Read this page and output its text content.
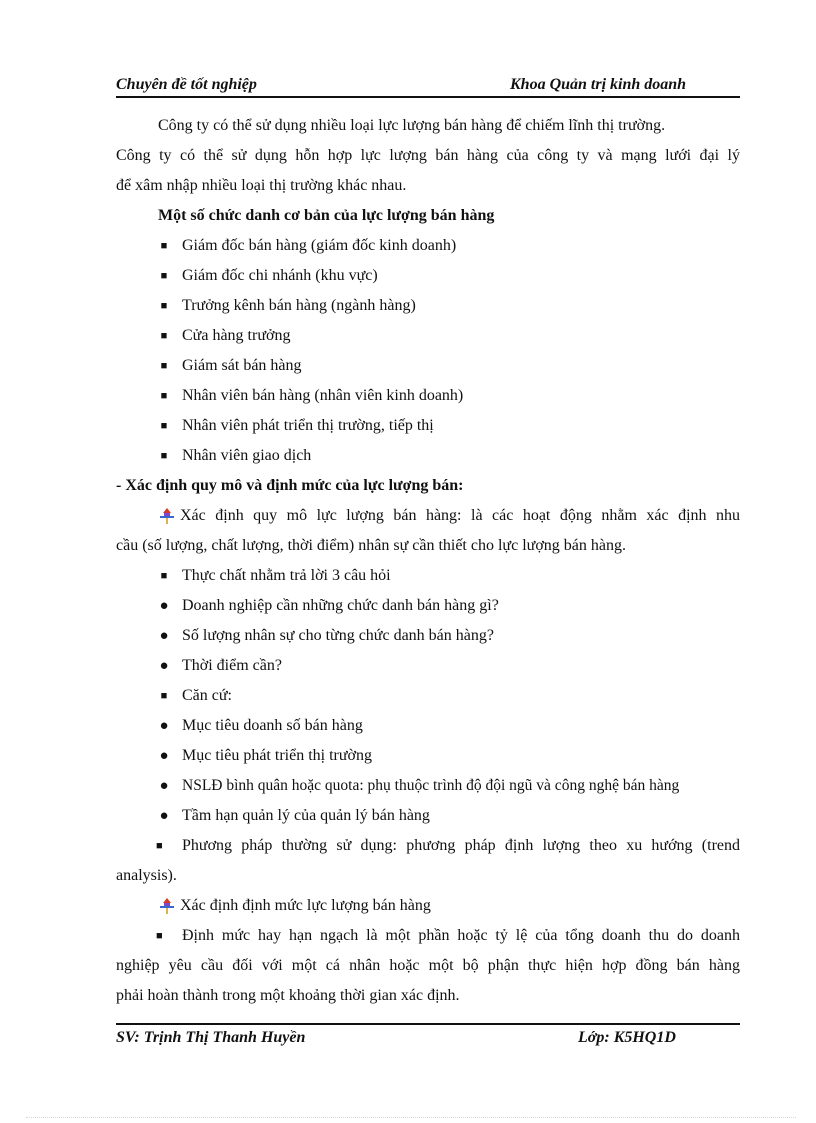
Chuyên đề tốt nghiệp	Khoa Quản trị kinh doanh
Công ty có thể sử dụng nhiều loại lực lượng bán hàng để chiếm lĩnh thị trường.
Công ty có thể sử dụng hỗn hợp lực lượng bán hàng của công ty và mạng lưới đại lý
để xâm nhập nhiều loại thị trường khác nhau.
Một số chức danh cơ bản của lực lượng bán hàng
■ Giám đốc bán hàng (giám đốc kinh doanh)
■ Giám đốc chi nhánh (khu vực)
■ Trưởng kênh bán hàng (ngành hàng)
■ Cửa hàng trưởng
■ Giám sát bán hàng
■ Nhân viên bán hàng (nhân viên kinh doanh)
■ Nhân viên phát triển thị trường, tiếp thị
■ Nhân viên giao dịch
- Xác định quy mô và định mức của lực lượng bán:
Xác định quy mô lực lượng bán hàng: là các hoạt động nhằm xác định nhu
cầu (số lượng, chất lượng, thời điểm) nhân sự cần thiết cho lực lượng bán hàng.
■ Thực chất nhằm trả lời 3 câu hỏi
● Doanh nghiệp cần những chức danh bán hàng gì?
● Số lượng nhân sự cho từng chức danh bán hàng?
● Thời điểm cần?
■ Căn cứ:
● Mục tiêu doanh số bán hàng
● Mục tiêu phát triển thị trường
● NSLĐ bình quân hoặc quota: phụ thuộc trình độ đội ngũ và công nghệ bán hàng
● Tầm hạn quản lý của quản lý bán hàng
■	Phương pháp thường sử dụng: phương pháp định lượng theo xu hướng (trend
analysis).
Xác định định mức lực lượng bán hàng
■	Định mức hay hạn ngạch là một phần hoặc tỷ lệ của tổng doanh thu do doanh
nghiệp yêu cầu đối với một cá nhân hoặc một bộ phận thực hiện hợp đồng bán hàng
phải hoàn thành trong một khoảng thời gian xác định.
SV: Trịnh Thị Thanh Huyền	Lớp: K5HQ1D
